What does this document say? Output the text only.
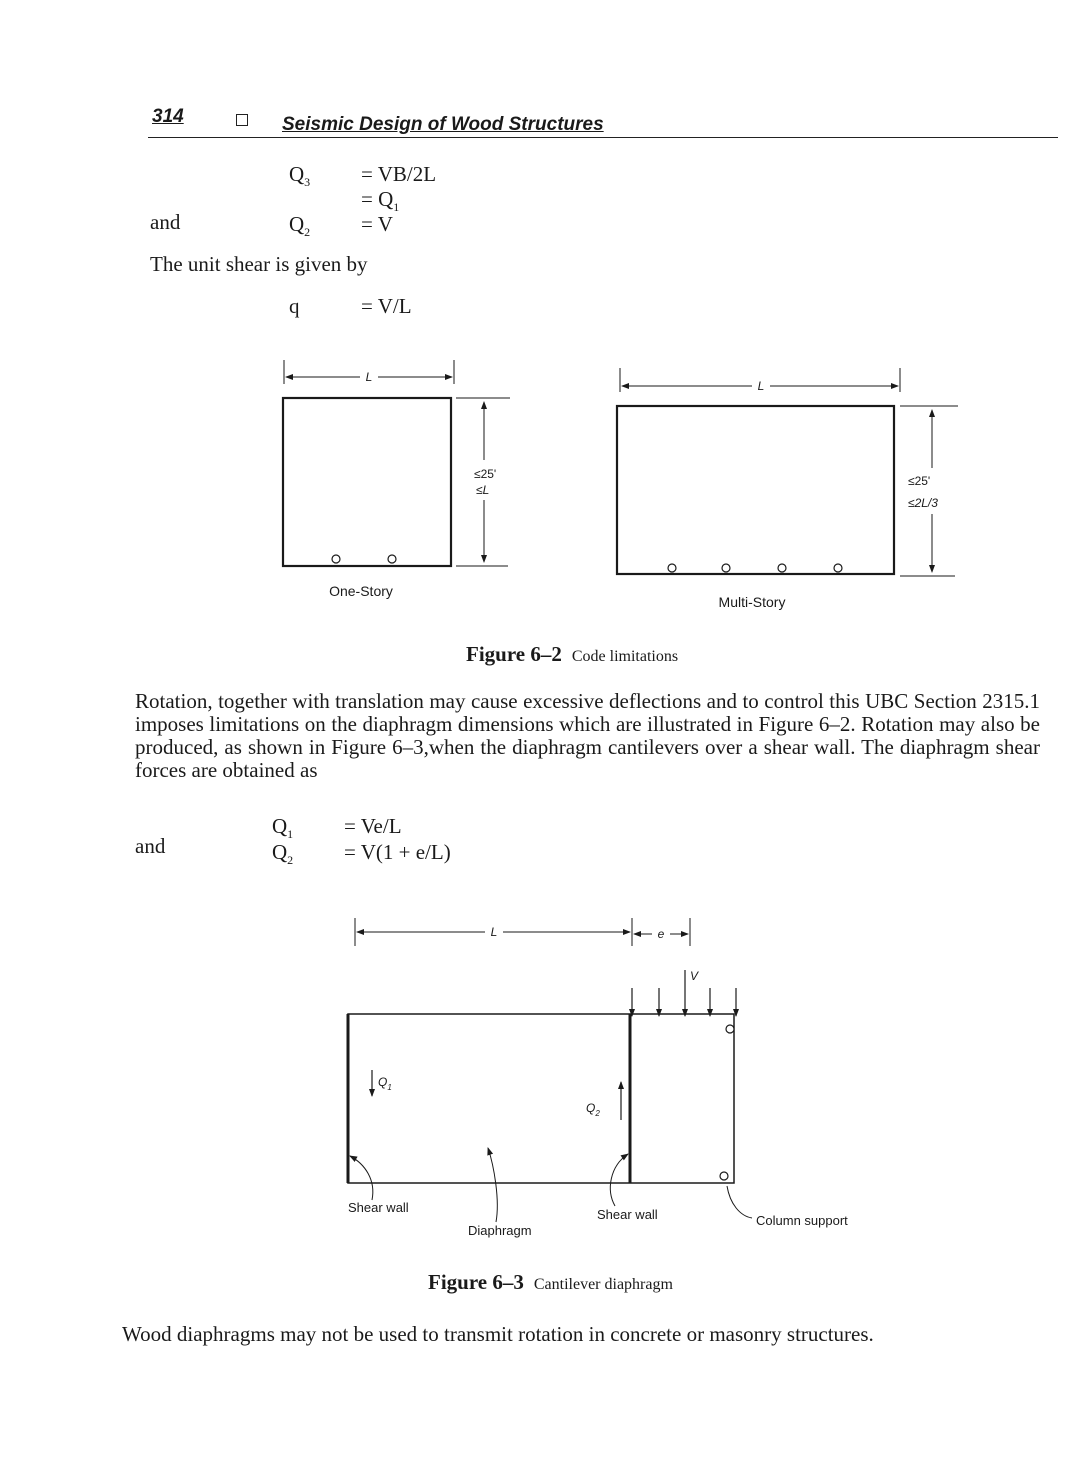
314	Seismic Design of Wood Structures
$Q_3 = VB/2L$
= $Q_1$
and	$Q_2 = V$
The unit shear is given by
q	= V/L
L
≤25'
≤L
One-Story
L
≤25'
≤2L/3
Multi-Story
Figure 6–2 Code limitations
Rotation, together with translation may cause excessive deflections and to control this UBC Section 2315.1 imposes limitations on the diaphragm dimensions which are illustrated in Figure 6–2. Rotation may also be produced, as shown in Figure 6–3,when the diaphragm cantilevers over a shear wall. The diaphragm shear forces are obtained as
$Q_1 = Ve/L$
and	$Q_2 = V(1 + e/L)$
L	e
V
$Q_1$
$Q_2$
Shear wall
Diaphragm
Shear wall	Column support
Figure 6–3 Cantilever diaphragm
Wood diaphragms may not be used to transmit rotation in concrete or masonry structures.
